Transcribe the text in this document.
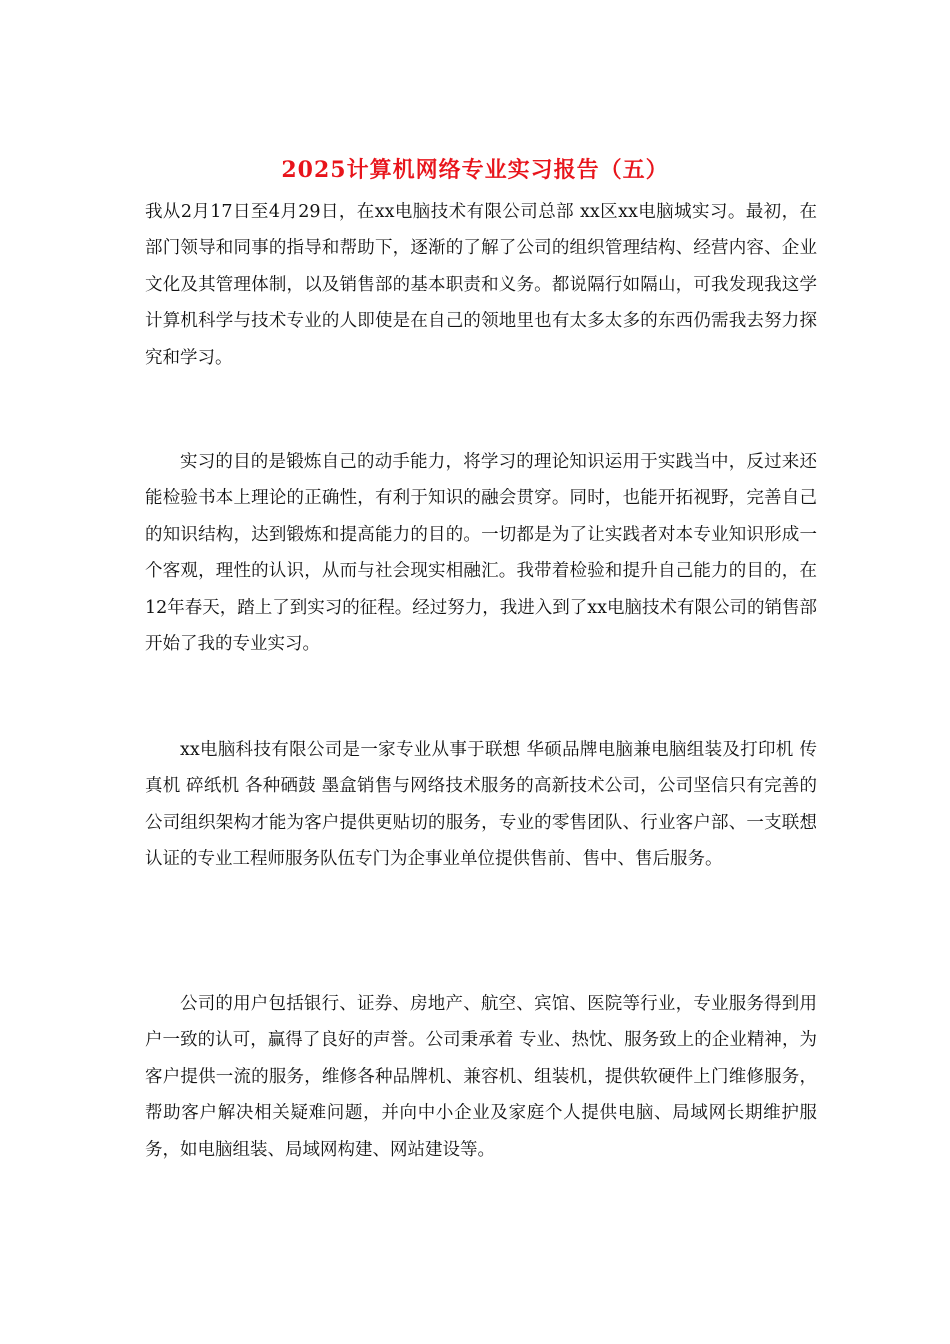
2025计算机网络专业实习报告（五）

我从2月17日至4月29日，在xx电脑技术有限公司总部 xx区xx电脑城实习。最初，在部门领导和同事的指导和帮助下，逐渐的了解了公司的组织管理结构、经营内容、企业文化及其管理体制，以及销售部的基本职责和义务。都说隔行如隔山，可我发现我这学计算机科学与技术专业的人即使是在自己的领地里也有太多太多的东西仍需我去努力探究和学习。

实习的目的是锻炼自己的动手能力，将学习的理论知识运用于实践当中，反过来还能检验书本上理论的正确性，有利于知识的融会贯穿。同时，也能开拓视野，完善自己的知识结构，达到锻炼和提高能力的目的。一切都是为了让实践者对本专业知识形成一个客观，理性的认识，从而与社会现实相融汇。我带着检验和提升自己能力的目的，在12年春天，踏上了到实习的征程。经过努力，我进入到了xx电脑技术有限公司的销售部开始了我的专业实习。

xx电脑科技有限公司是一家专业从事于联想 华硕品牌电脑兼电脑组装及打印机 传真机 碎纸机 各种硒鼓 墨盒销售与网络技术服务的高新技术公司，公司坚信只有完善的公司组织架构才能为客户提供更贴切的服务，专业的零售团队、行业客户部、一支联想认证的专业工程师服务队伍专门为企事业单位提供售前、售中、售后服务。

公司的用户包括银行、证券、房地产、航空、宾馆、医院等行业，专业服务得到用户一致的认可，赢得了良好的声誉。公司秉承着 专业、热忱、服务致上的企业精神，为客户提供一流的服务，维修各种品牌机、兼容机、组装机，提供软硬件上门维修服务，帮助客户解决相关疑难问题，并向中小企业及家庭个人提供电脑、局域网长期维护服务，如电脑组装、局域网构建、网站建设等。
